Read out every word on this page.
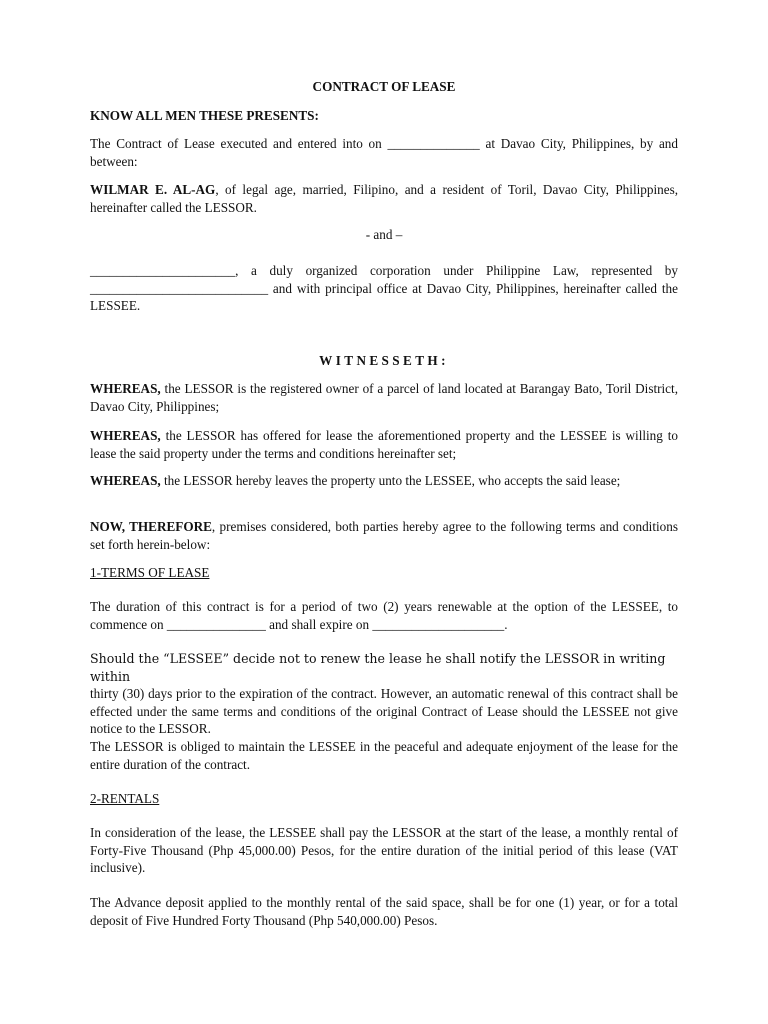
CONTRACT OF LEASE

KNOW ALL MEN THESE PRESENTS:

The Contract of Lease executed and entered into on ______________ at Davao City, Philippines, by and between:

WILMAR E. AL-AG, of legal age, married, Filipino, and a resident of Toril, Davao City, Philippines, hereinafter called the LESSOR.

- and –

______________________, a duly organized corporation under Philippine Law, represented by ___________________________ and with principal office at Davao City, Philippines, hereinafter called the LESSEE.

WITNESSETH:

WHEREAS, the LESSOR is the registered owner of a parcel of land located at Barangay Bato, Toril District, Davao City, Philippines;

WHEREAS, the LESSOR has offered for lease the aforementioned property and the LESSEE is willing to lease the said property under the terms and conditions hereinafter set;

WHEREAS, the LESSOR hereby leaves the property unto the LESSEE, who accepts the said lease;

NOW, THEREFORE, premises considered, both parties hereby agree to the following terms and conditions set forth herein-below:

1-TERMS OF LEASE

The duration of this contract is for a period of two (2) years renewable at the option of the LESSEE, to commence on _______________ and shall expire on ____________________.

Should the “LESSEE” decide not to renew the lease he shall notify the LESSOR in writing within

thirty (30) days prior to the expiration of the contract. However, an automatic renewal of this contract shall be effected under the same terms and conditions of the original Contract of Lease should the LESSEE not give notice to the LESSOR.

The LESSOR is obliged to maintain the LESSEE in the peaceful and adequate enjoyment of the lease for the entire duration of the contract.

2-RENTALS

In consideration of the lease, the LESSEE shall pay the LESSOR at the start of the lease, a monthly rental of Forty-Five Thousand (Php 45,000.00) Pesos, for the entire duration of the initial period of this lease (VAT inclusive).

The Advance deposit applied to the monthly rental of the said space, shall be for one (1) year, or for a total deposit of Five Hundred Forty Thousand (Php 540,000.00) Pesos.
